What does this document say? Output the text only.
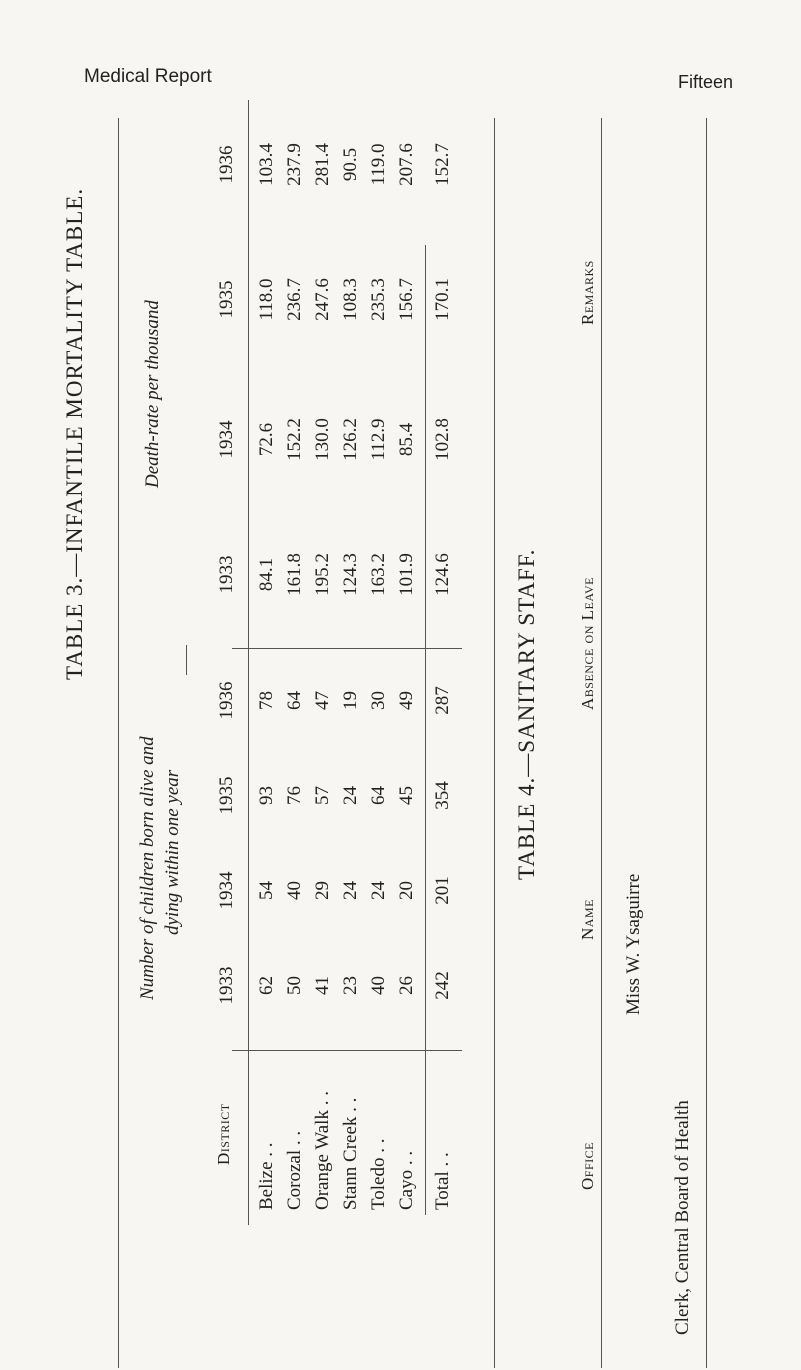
Medical Report	Fifteen
TABLE 3.—INFANTILE MORTALITY TABLE.
Number of children born alive and dying within one year
Death-rate per thousand
District
1933
1934
1935
1936
1933
1934
1935
1936
Belize . .
62
54
93
78
84.1
72.6
118.0
103.4
Corozal . .
50
40
76
64
161.8
152.2
236.7
237.9
Orange Walk . .
41
29
57
47
195.2
130.0
247.6
281.4
Stann Creek . .
23
24
24
19
124.3
126.2
108.3
90.5
Toledo . .
40
24
64
30
163.2
112.9
235.3
119.0
Cayo . .
26
20
45
49
101.9
85.4
156.7
207.6
Total . .
242
201
354
287
124.6
102.8
170.1
152.7
TABLE 4.—SANITARY STAFF.
Remarks
Absence on Leave
Name
Office
Miss W. Ysaguirre
Clerk, Central Board of Health
